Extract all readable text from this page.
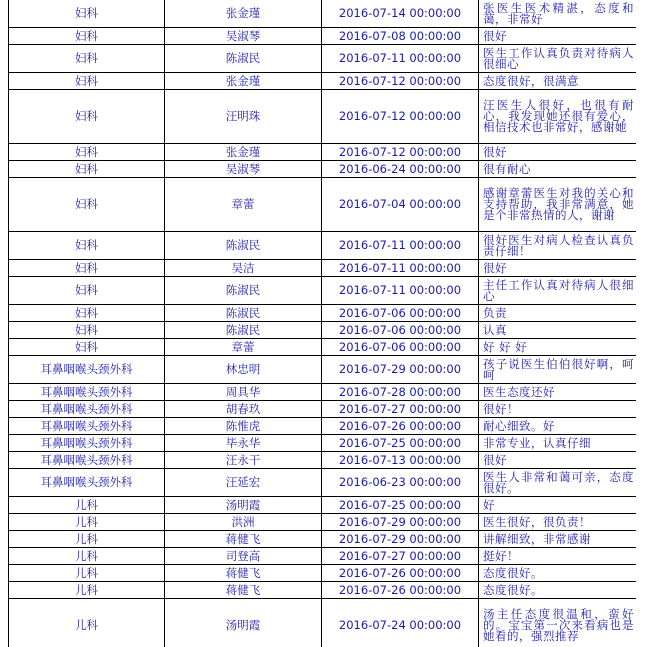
妇科	张金瑾	2016-07-14 00:00:00	张医生医术精湛，态度和蔼，非常好
妇科	吴淑琴	2016-07-08 00:00:00	很好
妇科	陈淑民	2016-07-11 00:00:00	医生工作认真负责对待病人很细心
妇科	张金瑾	2016-07-12 00:00:00	态度很好，很满意
妇科	汪明珠	2016-07-12 00:00:00	汪医生人很好，也很有耐心，我发现她还很有爱心，相信技术也非常好，感谢她
妇科	张金瑾	2016-07-12 00:00:00	很好
妇科	吴淑琴	2016-06-24 00:00:00	很有耐心
妇科	章蕾	2016-07-04 00:00:00	感谢章蕾医生对我的关心和支持帮助，我非常满意，她是个非常热情的人，谢谢
妇科	陈淑民	2016-07-11 00:00:00	很好医生对病人检查认真负责仔细！
妇科	吴洁	2016-07-11 00:00:00	很好
妇科	陈淑民	2016-07-11 00:00:00	主任工作认真对待病人很细心
妇科	陈淑民	2016-07-06 00:00:00	负责
妇科	陈淑民	2016-07-06 00:00:00	认真
妇科	章蕾	2016-07-06 00:00:00	好 好 好
耳鼻咽喉头颈外科	林忠明	2016-07-29 00:00:00	孩子说医生伯伯很好啊，呵呵
耳鼻咽喉头颈外科	周具华	2016-07-28 00:00:00	医生态度还好
耳鼻咽喉头颈外科	胡春玖	2016-07-27 00:00:00	很好！
耳鼻咽喉头颈外科	陈惟虎	2016-07-26 00:00:00	耐心细致。好
耳鼻咽喉头颈外科	毕永华	2016-07-25 00:00:00	非常专业，认真仔细
耳鼻咽喉头颈外科	汪永干	2016-07-13 00:00:00	很好
耳鼻咽喉头颈外科	汪延宏	2016-06-23 00:00:00	医生人非常和蔼可亲，态度很好。
儿科	汤明霞	2016-07-25 00:00:00	好
儿科	洪洲	2016-07-29 00:00:00	医生很好，很负责！
儿科	蒋健飞	2016-07-29 00:00:00	讲解细致，非常感谢
儿科	司登高	2016-07-27 00:00:00	挺好！
儿科	蒋健飞	2016-07-26 00:00:00	态度很好。
儿科	蒋健飞	2016-07-26 00:00:00	态度很好。
儿科	汤明霞	2016-07-24 00:00:00	汤主任态度很温和，蛮好的。宝宝第一次来看病也是她看的，强烈推荐
